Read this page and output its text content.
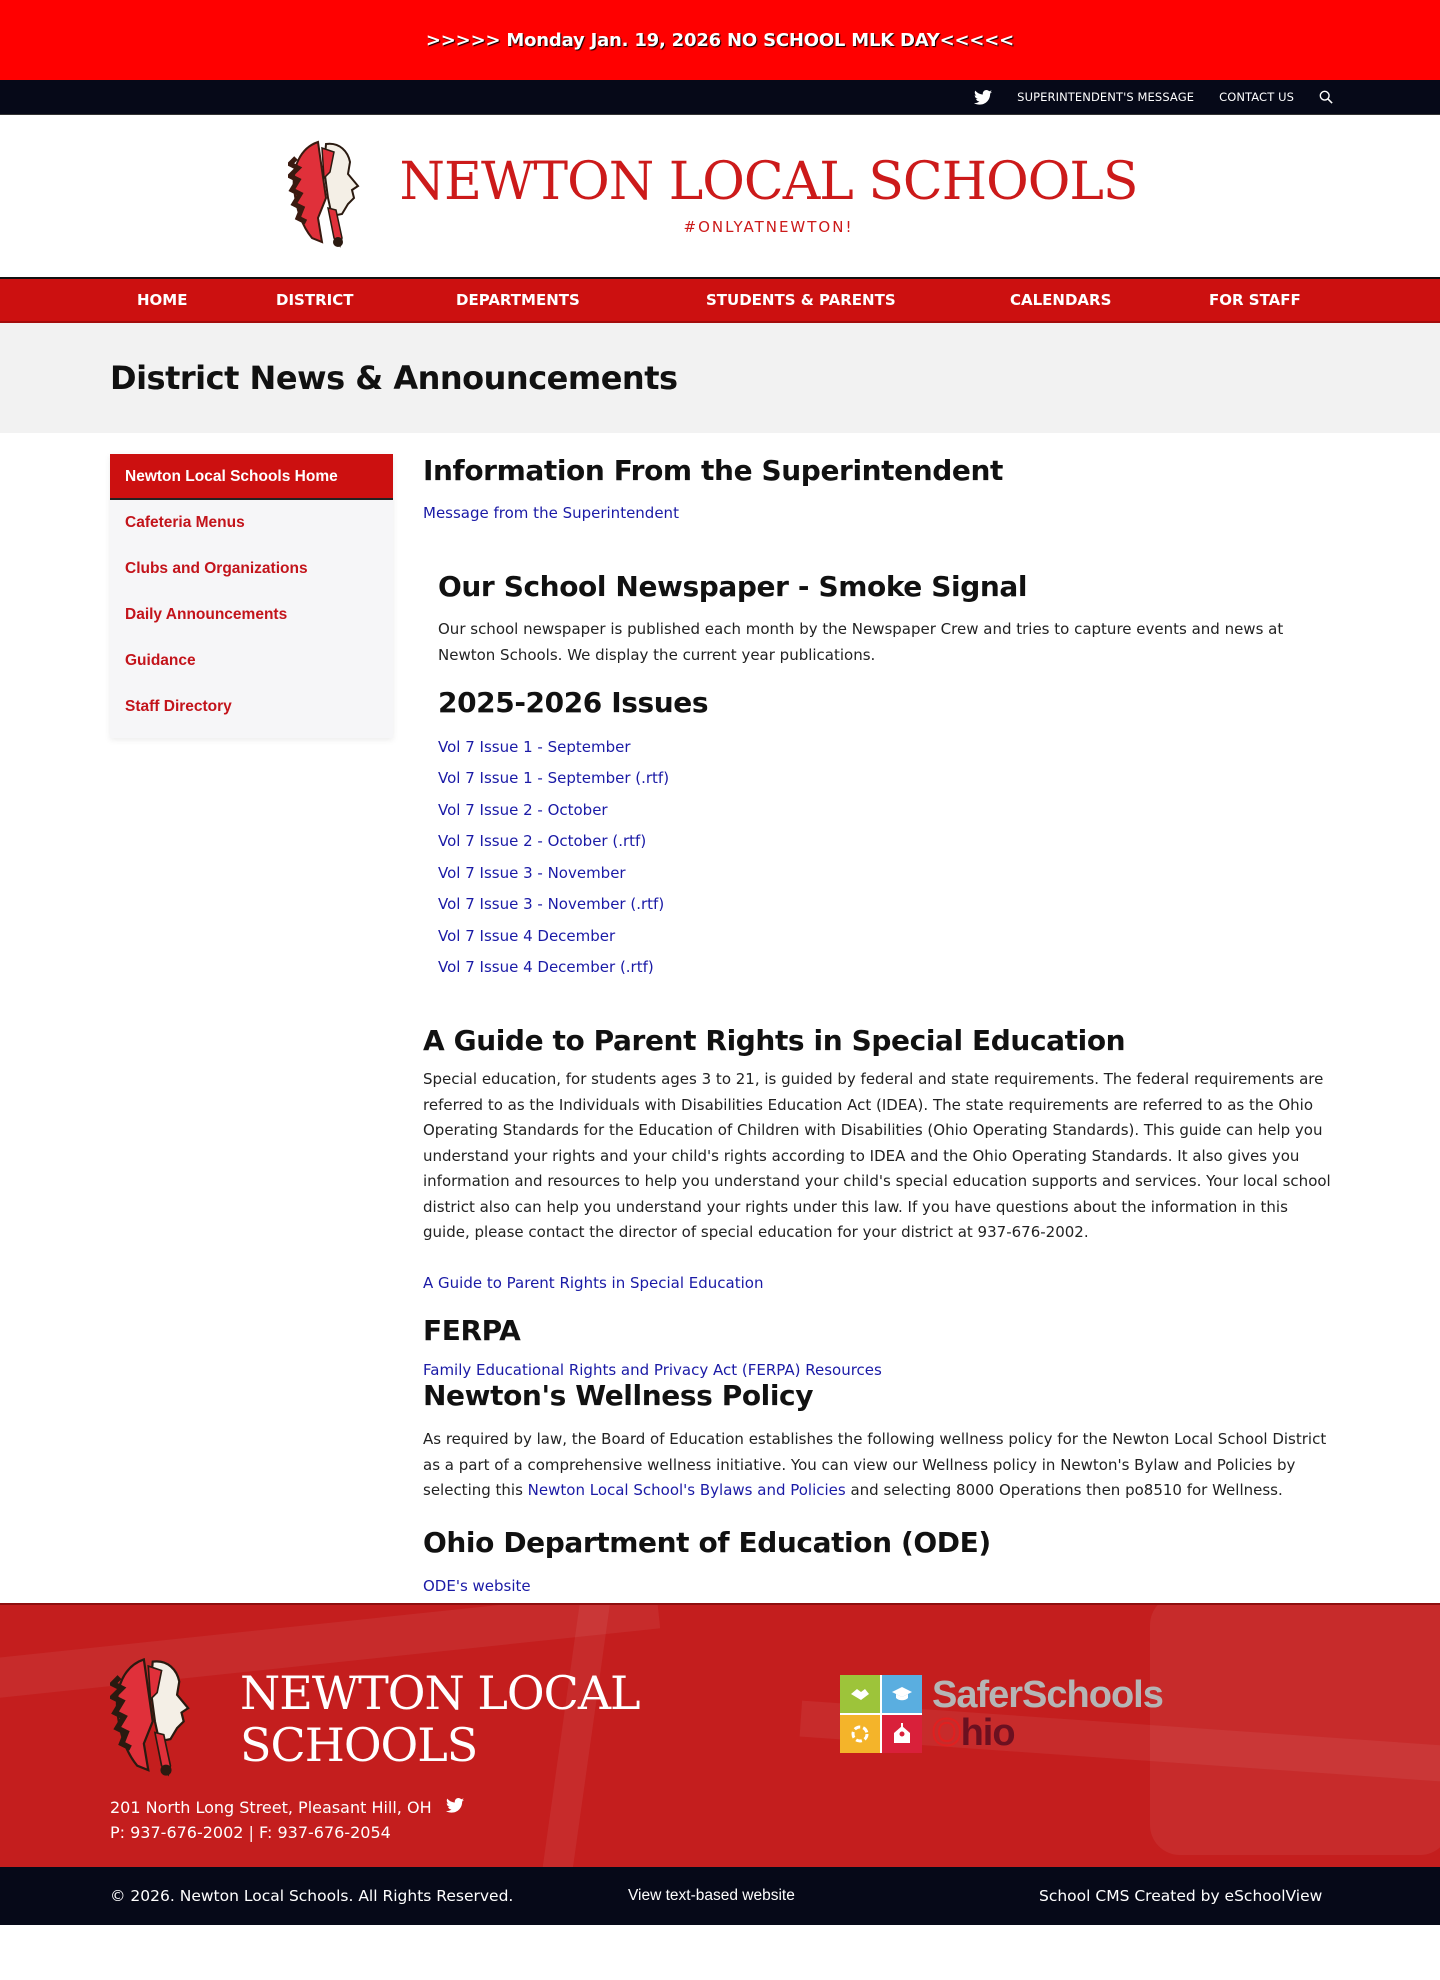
>>>>> Monday Jan. 19, 2026 NO SCHOOL MLK DAY<<<<<
SUPERINTENDENT'S MESSAGE CONTACT US
NEWTON LOCAL SCHOOLS
#ONLYATNEWTON!
HOME	DISTRICT	DEPARTMENTS	STUDENTS & PARENTS	CALENDARS	FOR STAFF
District News & Announcements
Newton Local Schools Home
Cafeteria Menus
Clubs and Organizations
Daily Announcements
Guidance
Staff Directory
Information From the Superintendent
Message from the Superintendent
Our School Newspaper - Smoke Signal

Our school newspaper is published each month by the Newspaper Crew and tries to capture events and news at Newton Schools. We display the current year publications.

2025-2026 Issues
Vol 7 Issue 1 - September
Vol 7 Issue 1 - September (.rtf)
Vol 7 Issue 2 - October
Vol 7 Issue 2 - October (.rtf)
Vol 7 Issue 3 - November
Vol 7 Issue 3 - November (.rtf)
Vol 7 Issue 4 December
Vol 7 Issue 4 December (.rtf)
A Guide to Parent Rights in Special Education

Special education, for students ages 3 to 21, is guided by federal and state requirements. The federal requirements are referred to as the Individuals with Disabilities Education Act (IDEA). The state requirements are referred to as the Ohio Operating Standards for the Education of Children with Disabilities (Ohio Operating Standards). This guide can help you understand your rights and your child's rights according to IDEA and the Ohio Operating Standards. It also gives you information and resources to help you understand your child's special education supports and services. Your local school district also can help you understand your rights under this law. If you have questions about the information in this guide, please contact the director of special education for your district at 937-676-2002.

A Guide to Parent Rights in Special Education
FERPA
Family Educational Rights and Privacy Act (FERPA) Resources
Newton's Wellness Policy

As required by law, the Board of Education establishes the following wellness policy for the Newton Local School District as a part of a comprehensive wellness initiative. You can view our Wellness policy in Newton's Bylaw and Policies by selecting this Newton Local School's Bylaws and Policies and selecting 8000 Operations then po8510 for Wellness.

Ohio Department of Education (ODE)
ODE's website
NEWTON LOCAL
SCHOOLS
201 North Long Street, Pleasant Hill, OH
P: 937-676-2002 | F: 937-676-2054
SaferSchools
Ohio
© 2026. Newton Local Schools. All Rights Reserved.	View text-based website	School CMS Created by eSchoolView
